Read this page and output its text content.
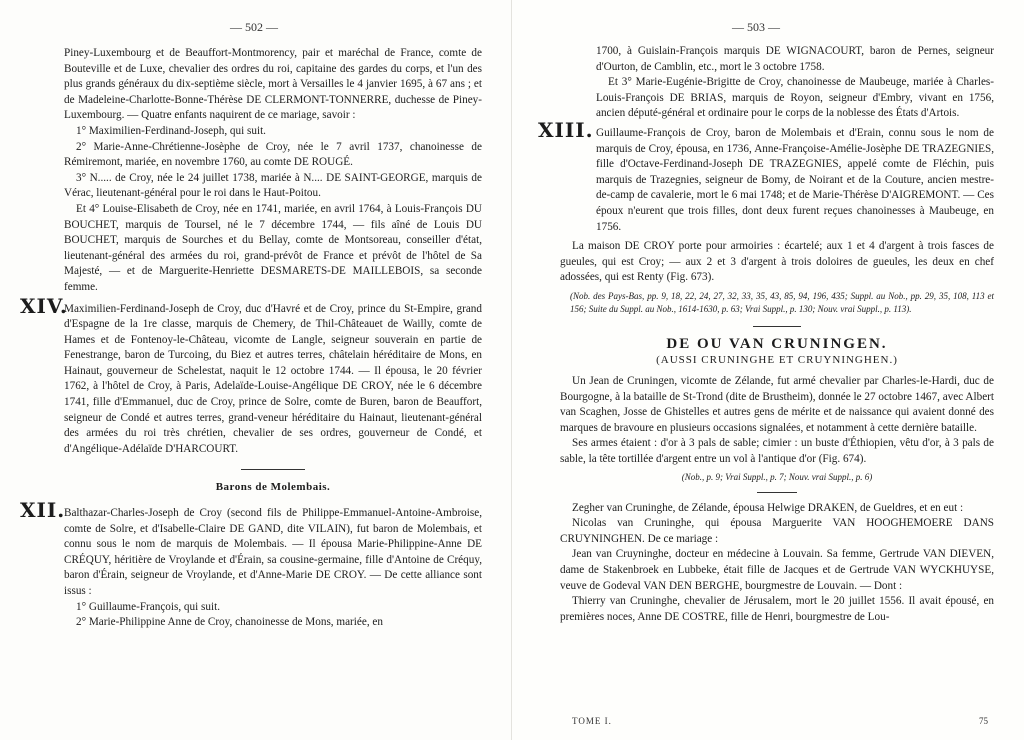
— 502 —

Piney-Luxembourg et de Beauffort-Montmorency, pair et maréchal de France, comte de Bouteville et de Luxe, chevalier des ordres du roi, capitaine des gardes du corps, et l'un des plus grands généraux du dix-septième siècle, mort à Versailles le 4 janvier 1695, à 67 ans ; et de Madeleine-Charlotte-Bonne-Thérèse DE CLERMONT-TONNERRE, duchesse de Piney-Luxembourg. — Quatre enfants naquirent de ce mariage, savoir :

1° Maximilien-Ferdinand-Joseph, qui suit.

2° Marie-Anne-Chrétienne-Josèphe de Croy, née le 7 avril 1737, chanoinesse de Rémiremont, mariée, en novembre 1760, au comte DE ROUGÉ.

3° N..... de Croy, née le 24 juillet 1738, mariée à N.... DE SAINT-GEORGE, marquis de Vérac, lieutenant-général pour le roi dans le Haut-Poitou.

Et 4° Louise-Elisabeth de Croy, née en 1741, mariée, en avril 1764, à Louis-François DU BOUCHET, marquis de Toursel, né le 7 décembre 1744, — fils aîné de Louis DU BOUCHET, marquis de Sourches et du Bellay, comte de Montsoreau, conseiller d'état, lieutenant-général des armées du roi, grand-prévôt de France et prévôt de l'hôtel de Sa Majesté, — et de Marguerite-Henriette DESMARETS-DE MAILLEBOIS, sa seconde femme.

XIV.

Maximilien-Ferdinand-Joseph de Croy, duc d'Havré et de Croy, prince du St-Empire, grand d'Espagne de la 1re classe, marquis de Chemery, de Thil-Châteauet de Wailly, comte de Hames et de Fontenoy-le-Château, vicomte de Langle, seigneur souverain en partie de Fenestrange, baron de Turcoing, du Biez et autres terres, châtelain héréditaire de Mons, en Hainaut, gouverneur de Schelestat, naquit le 12 octobre 1744. — Il épousa, le 20 février 1762, à l'hôtel de Croy, à Paris, Adelaïde-Louise-Angélique DE CROY, née le 6 décembre 1741, fille d'Emmanuel, duc de Croy, prince de Solre, comte de Buren, baron de Beauffort, seigneur de Condé et autres terres, grand-veneur héréditaire du Hainaut, lieutenant-général des armées du roi très chrétien, chevalier de ses ordres, gouverneur de Condé, et d'Angélique-Adélaïde D'HARCOURT.

Barons de Molembais.
XII.

Balthazar-Charles-Joseph de Croy (second fils de Philippe-Emmanuel-Antoine-Ambroise, comte de Solre, et d'Isabelle-Claire DE GAND, dite VILAIN), fut baron de Molembais, et connu sous le nom de marquis de Molembais. — Il épousa Marie-Philippine-Anne DE CRÉQUY, héritière de Vroylande et d'Érain, sa cousine-germaine, fille d'Antoine de Créquy, baron d'Érain, seigneur de Vroylande, et d'Anne-Marie DE CROY. — De cette alliance sont issus :

1° Guillaume-François, qui suit.

2° Marie-Philippine Anne de Croy, chanoinesse de Mons, mariée, en

— 503 —

1700, à Guislain-François marquis DE WIGNACOURT, baron de Pernes, seigneur d'Ourton, de Camblin, etc., mort le 3 octobre 1758.

Et 3° Marie-Eugénie-Brigitte de Croy, chanoinesse de Maubeuge, mariée à Charles-Louis-François DE BRIAS, marquis de Royon, seigneur d'Embry, vivant en 1756, ancien député-général et ordinaire pour le corps de la noblesse des États d'Artois.

XIII. Guillaume-François de Croy, baron de Molembais et d'Erain, connu sous le nom de marquis de Croy, épousa, en 1736, Anne-Françoise-Amélie-Josèphe DE TRAZEGNIES, fille d'Octave-Ferdinand-Joseph DE TRAZEGNIES, appelé comte de Fléchin, puis marquis de Trazegnies, seigneur de Bomy, de Noirant et de la Couture, ancien mestre-de-camp de cavalerie, mort le 6 mai 1748; et de Marie-Thérèse D'AIGREMONT. — Ces époux n'eurent que trois filles, dont deux furent reçues chanoinesses à Maubeuge, en 1756.

La maison DE CROY porte pour armoiries : écartelé; aux 1 et 4 d'argent à trois fasces de gueules, qui est Croy; — aux 2 et 3 d'argent à trois doloires de gueules, les deux en chef adossées, qui est Renty (Fig. 673).

(Nob. des Pays-Bas, pp. 9, 18, 22, 24, 27, 32, 33, 35, 43, 85, 94, 196, 435; Suppl. au Nob., pp. 29, 35, 108, 113 et 156; Suite du Suppl. au Nob., 1614-1630, p. 63; Vrai Suppl., p. 130; Nouv. vrai Suppl., p. 113).

DE OU VAN CRUNINGEN.
(AUSSI CRUNINGHE ET CRUYNINGHEN.)

Un Jean de Cruningen, vicomte de Zélande, fut armé chevalier par Charles-le-Hardi, duc de Bourgogne, à la bataille de St-Trond (dite de Brustheim), donnée le 27 octobre 1467, avec Albert van Scaghen, Josse de Ghistelles et autres gens de mérite et de naissance qui avaient donné des marques de bravoure en plusieurs occasions signalées, et notamment à cette dernière bataille.

Ses armes étaient : d'or à 3 pals de sable; cimier : un buste d'Éthiopien, vêtu d'or, à 3 pals de sable, la tête tortillée d'argent entre un vol à l'antique d'or (Fig. 674).

(Nob., p. 9; Vrai Suppl., p. 7; Nouv. vrai Suppl., p. 6)

Zegher van Cruninghe, de Zélande, épousa Helwige DRAKEN, de Gueldres, et en eut :

Nicolas van Cruninghe, qui épousa Marguerite VAN HOOGHEMOERE DANS CRUYNINGHEN. De ce mariage :

Jean van Cruyninghe, docteur en médecine à Louvain. Sa femme, Gertrude VAN DIEVEN, dame de Stakenbroek en Lubbeke, était fille de Jacques et de Gertrude VAN WYCKHUYSE, veuve de Godeval VAN DEN BERGHE, bourgmestre de Louvain. — Dont :

Thierry van Cruninghe, chevalier de Jérusalem, mort le 20 juillet 1556. Il avait épousé, en premières noces, Anne DE COSTRE, fille de Henri, bourgmestre de Lou-

TOME I.	75
